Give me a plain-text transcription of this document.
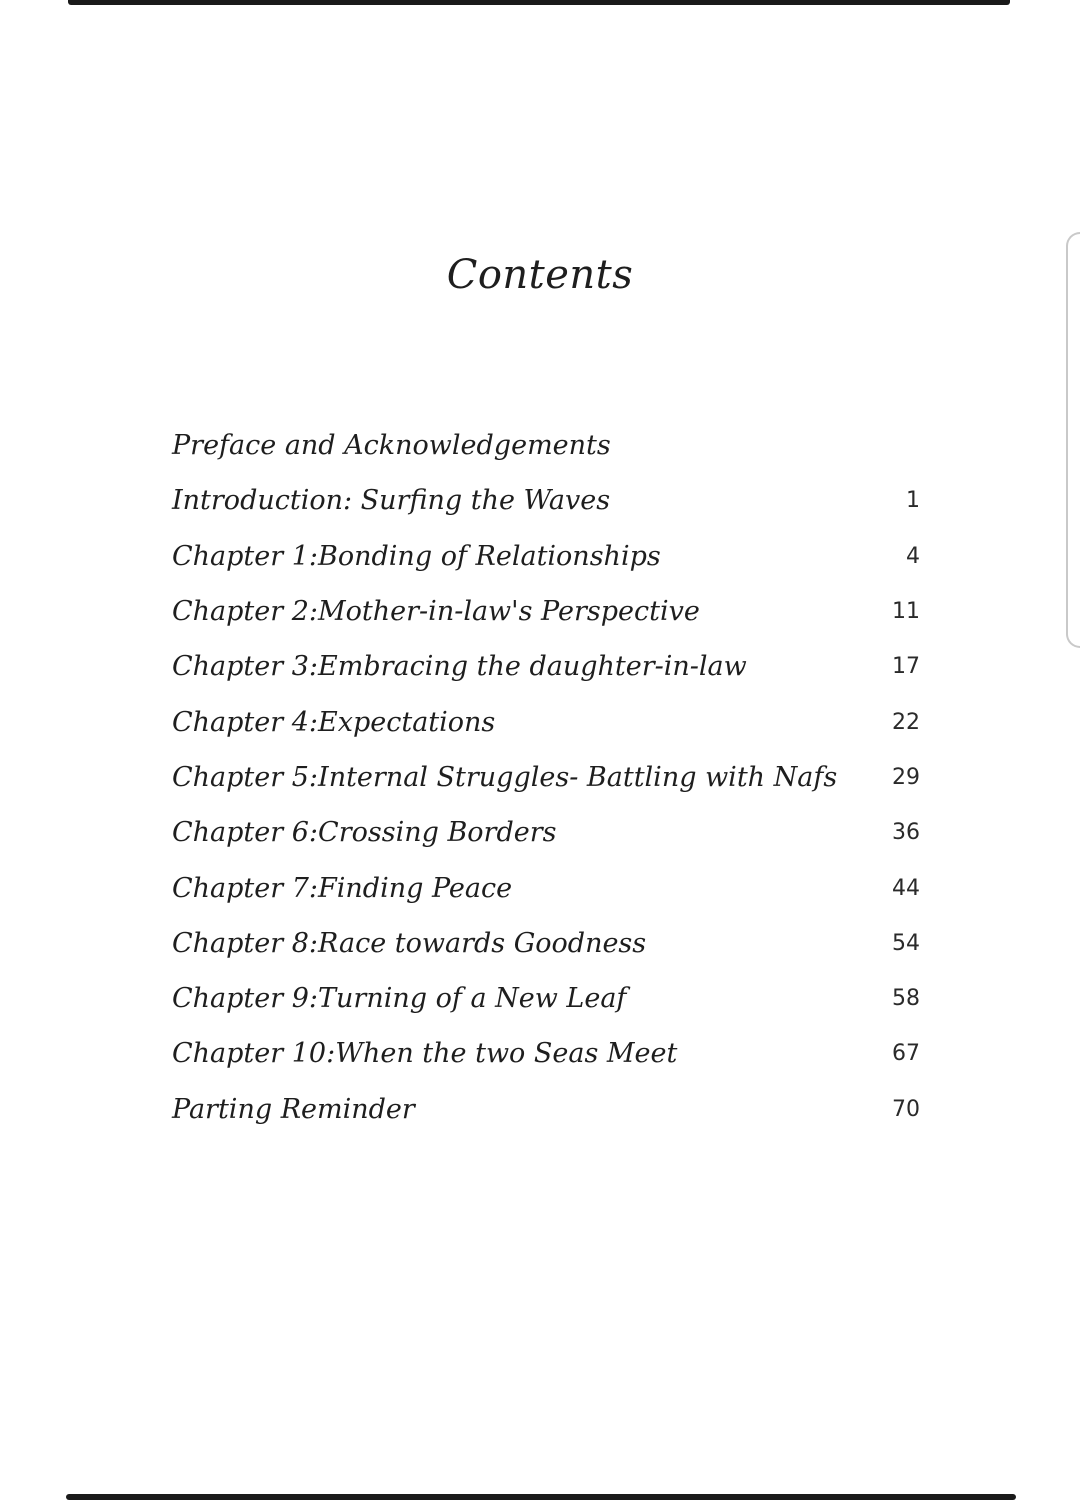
Contents
Preface and Acknowledgements
Introduction: Surfing the Waves	1
Chapter 1: Bonding of Relationships	4
Chapter 2: Mother-in-law's Perspective	11
Chapter 3: Embracing the daughter-in-law	17
Chapter 4: Expectations	22
Chapter 5: Internal Struggles- Battling with Nafs	29
Chapter 6: Crossing Borders	36
Chapter 7: Finding Peace	44
Chapter 8: Race towards Goodness	54
Chapter 9: Turning of a New Leaf	58
Chapter 10: When the two Seas Meet	67
Parting Reminder	70
